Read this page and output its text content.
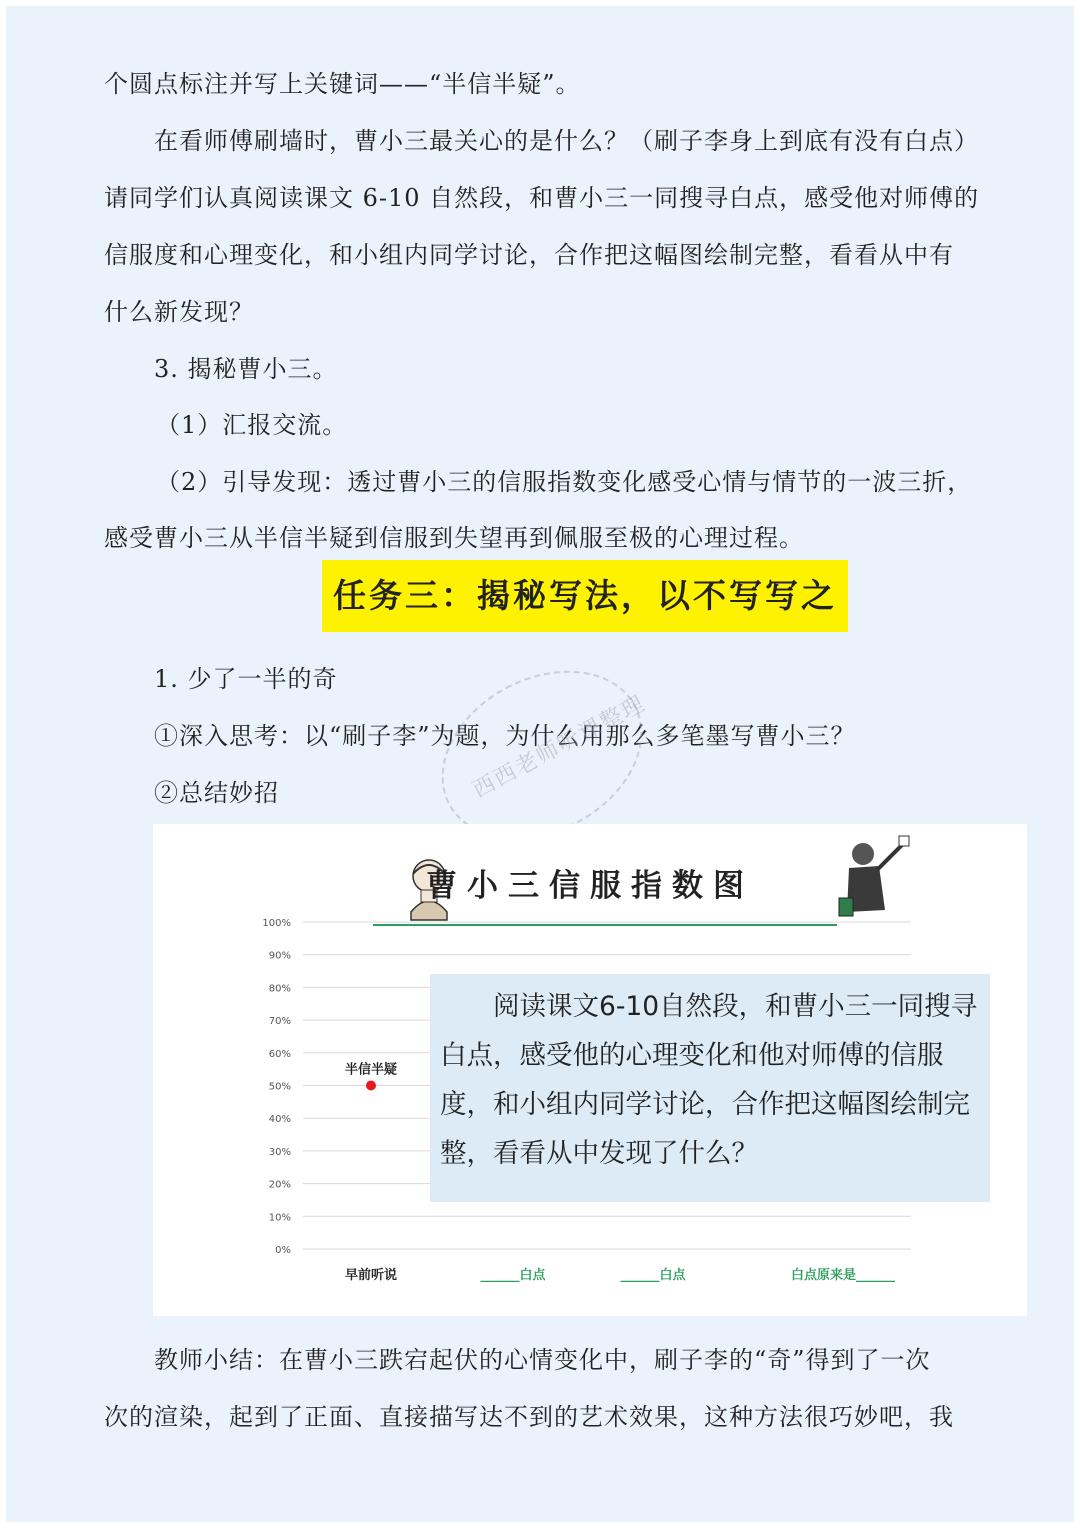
个圆点标注并写上关键词——“半信半疑”。

在看师傅刷墙时，曹小三最关心的是什么？（刷子李身上到底有没有白点）

请同学们认真阅读课文 6-10 自然段，和曹小三一同搜寻白点，感受他对师傅的

信服度和心理变化，和小组内同学讨论，合作把这幅图绘制完整，看看从中有

什么新发现？

3. 揭秘曹小三。

（1）汇报交流。

（2）引导发现：透过曹小三的信服指数变化感受心情与情节的一波三折，

感受曹小三从半信半疑到信服到失望再到佩服至极的心理过程。

任务三：揭秘写法，以不写写之

1. 少了一半的奇

①深入思考：以“刷子李”为题，为什么用那么多笔墨写曹小三？

②总结妙招	西西老师听课整理
100%
90%
80%
70%
60%
50%
40%
30%
20%
10%
0%
半信半疑
早前听说	______白点	______白点	白点原来是______
曹小三信服指数图

阅读课文6-10自然段，和曹小三一同搜寻白点，感受他的心理变化和他对师傅的信服度，和小组内同学讨论，合作把这幅图绘制完整，看看从中发现了什么？

教师小结：在曹小三跌宕起伏的心情变化中，刷子李的“奇”得到了一次

次的渲染，起到了正面、直接描写达不到的艺术效果，这种方法很巧妙吧，我
